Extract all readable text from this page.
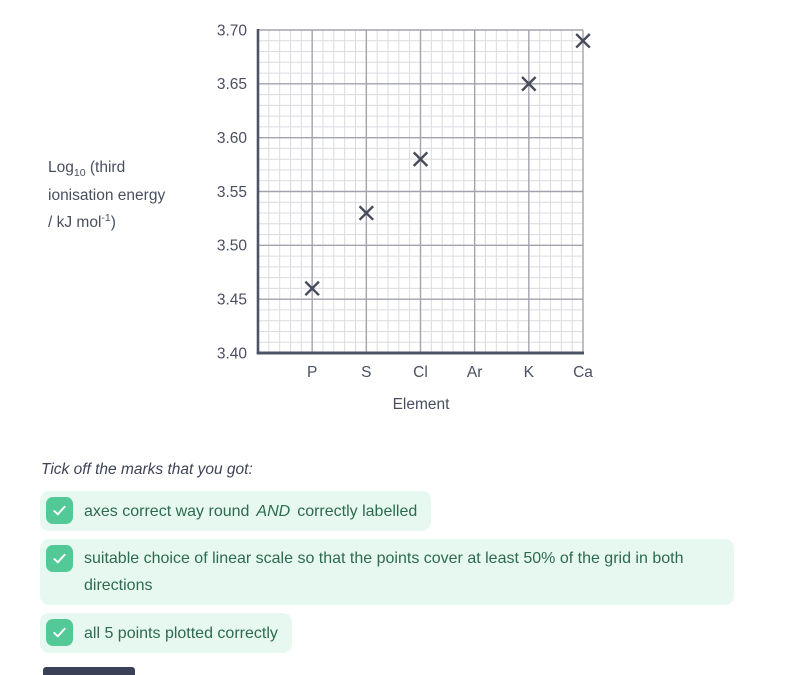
3.70
3.65
3.60
3.55
3.50
3.45
3.40
P	S	Cl	Ar	K	Ca
Element
Log$_{10}$ (third
ionisation energy
/ kJ mol$^{-1}$)
Tick off the marks that you got:
axes correct way round AND correctly labelled
suitable choice of linear scale so that the points cover at least 50% of the grid in both directions
all 5 points plotted correctly
